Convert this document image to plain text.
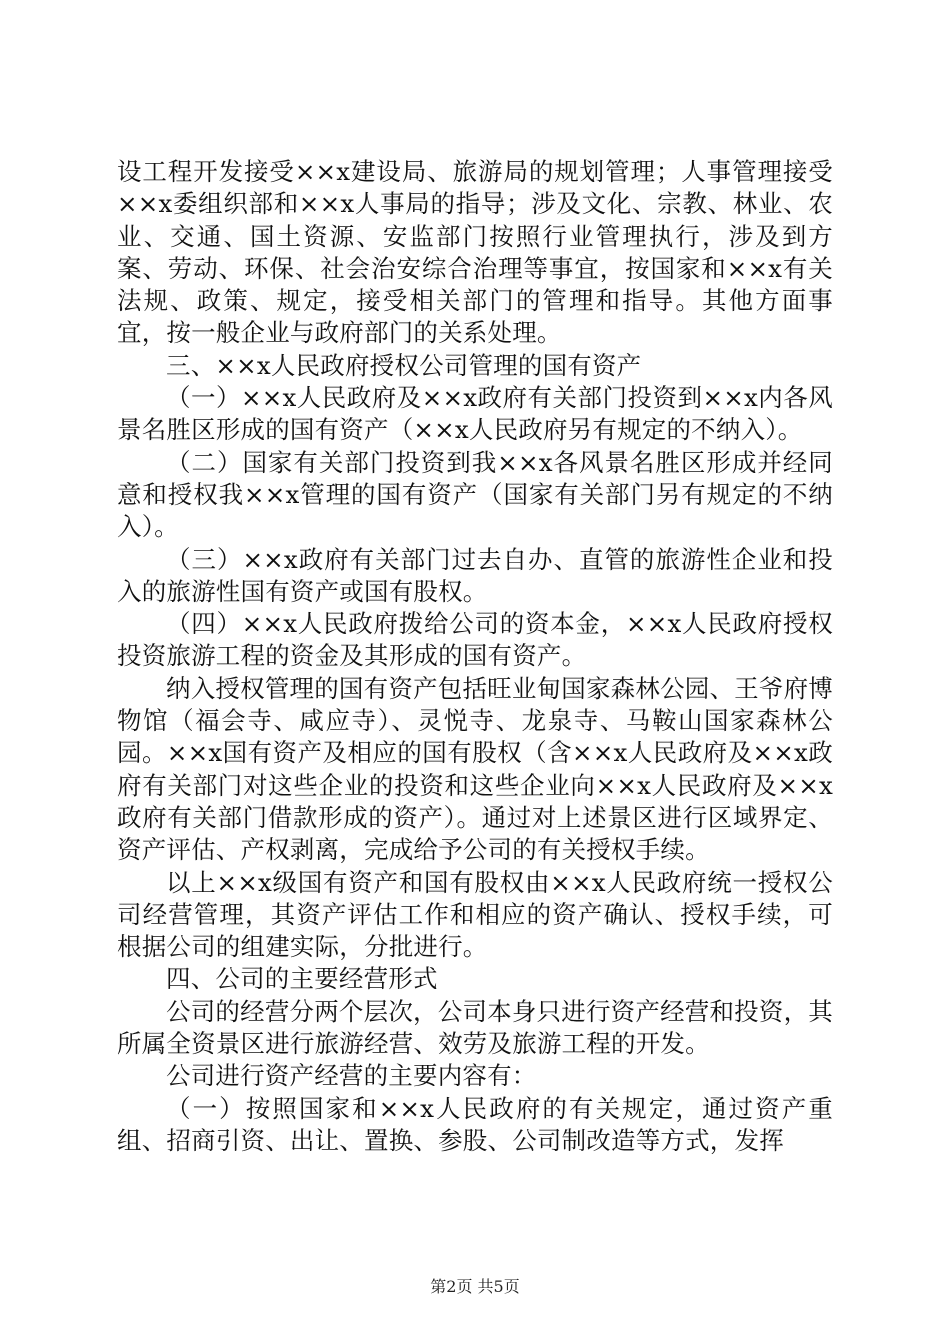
设工程开发接受××x建设局、旅游局的规划管理；人事管理接受××x委组织部和××x人事局的指导；涉及文化、宗教、林业、农业、交通、国土资源、安监部门按照行业管理执行，涉及到方案、劳动、环保、社会治安综合治理等事宜，按国家和××x有关法规、政策、规定，接受相关部门的管理和指导。其他方面事宜，按一般企业与政府部门的关系处理。

三、××x人民政府授权公司管理的国有资产

（一）××x人民政府及××x政府有关部门投资到××x内各风景名胜区形成的国有资产（××x人民政府另有规定的不纳入）。

（二）国家有关部门投资到我××x各风景名胜区形成并经同意和授权我××x管理的国有资产（国家有关部门另有规定的不纳入）。

（三）××x政府有关部门过去自办、直管的旅游性企业和投入的旅游性国有资产或国有股权。

（四）××x人民政府拨给公司的资本金，××x人民政府授权投资旅游工程的资金及其形成的国有资产。

纳入授权管理的国有资产包括旺业甸国家森林公园、王爷府博物馆（福会寺、咸应寺）、灵悦寺、龙泉寺、马鞍山国家森林公园。××x国有资产及相应的国有股权（含××x人民政府及××x政府有关部门对这些企业的投资和这些企业向××x人民政府及××x政府有关部门借款形成的资产）。通过对上述景区进行区域界定、资产评估、产权剥离，完成给予公司的有关授权手续。

以上××x级国有资产和国有股权由××x人民政府统一授权公司经营管理，其资产评估工作和相应的资产确认、授权手续，可根据公司的组建实际，分批进行。

四、公司的主要经营形式

公司的经营分两个层次，公司本身只进行资产经营和投资，其所属全资景区进行旅游经营、效劳及旅游工程的开发。

公司进行资产经营的主要内容有：

（一）按照国家和××x人民政府的有关规定，通过资产重组、招商引资、出让、置换、参股、公司制改造等方式，发挥

第2页 共5页
